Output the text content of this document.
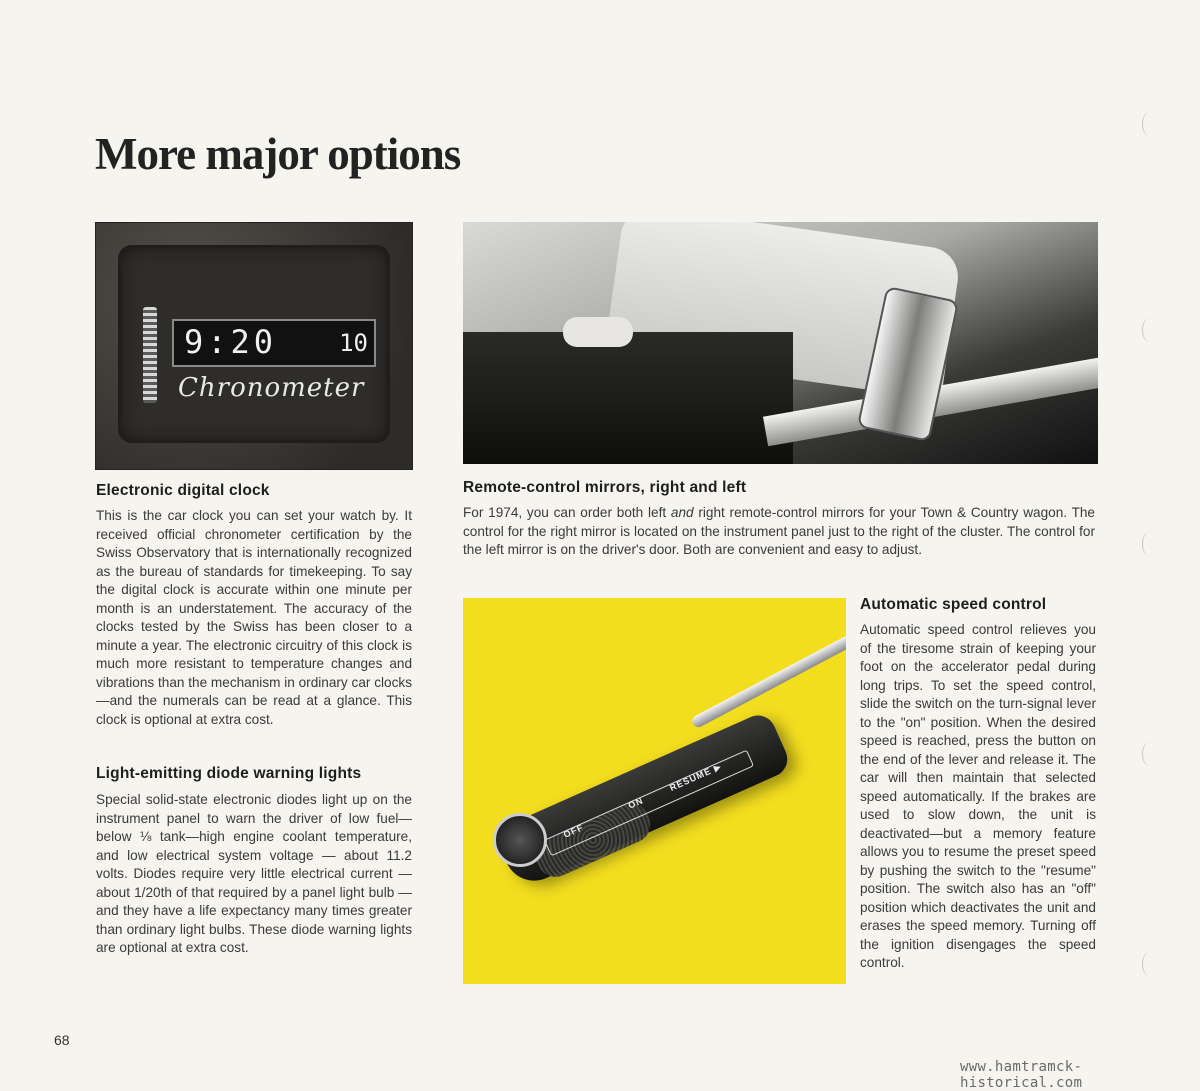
More major options
9:20	10
Chronometer
Electronic digital clock

This is the car clock you can set your watch by. It received official chronometer certification by the Swiss Observatory that is internationally recognized as the bureau of standards for timekeeping. To say the digital clock is accurate within one minute per month is an understatement. The accuracy of the clocks tested by the Swiss has been closer to a minute a year. The electronic circuitry of this clock is much more resistant to temperature changes and vibrations than the mechanism in ordinary car clocks—and the numerals can be read at a glance. This clock is optional at extra cost.

Light-emitting diode warning lights

Special solid-state electronic diodes light up on the instrument panel to warn the driver of low fuel—below ⅛ tank—high engine coolant temperature, and low electrical system voltage — about 11.2 volts. Diodes require very little electrical current — about 1/20th of that required by a panel light bulb — and they have a life expectancy many times greater than ordinary light bulbs. These diode warning lights are optional at extra cost.

Remote-control mirrors, right and left

For 1974, you can order both left and right remote-control mirrors for your Town & Country wagon. The control for the right mirror is located on the instrument panel just to the right of the cluster. The control for the left mirror is on the driver's door. Both are convenient and easy to adjust.

OFF
ON
RESUME ▶
Automatic speed control

Automatic speed control relieves you of the tiresome strain of keeping your foot on the accelerator pedal during long trips. To set the speed control, slide the switch on the turn-signal lever to the "on" position. When the desired speed is reached, press the button on the end of the lever and release it. The car will then maintain that selected speed automatically. If the brakes are used to slow down, the unit is deactivated—but a memory feature allows you to resume the preset speed by pushing the switch to the "resume" position. The switch also has an "off" position which deactivates the unit and erases the speed memory. Turning off the ignition disengages the speed control.

68
www.hamtramck-historical.com
